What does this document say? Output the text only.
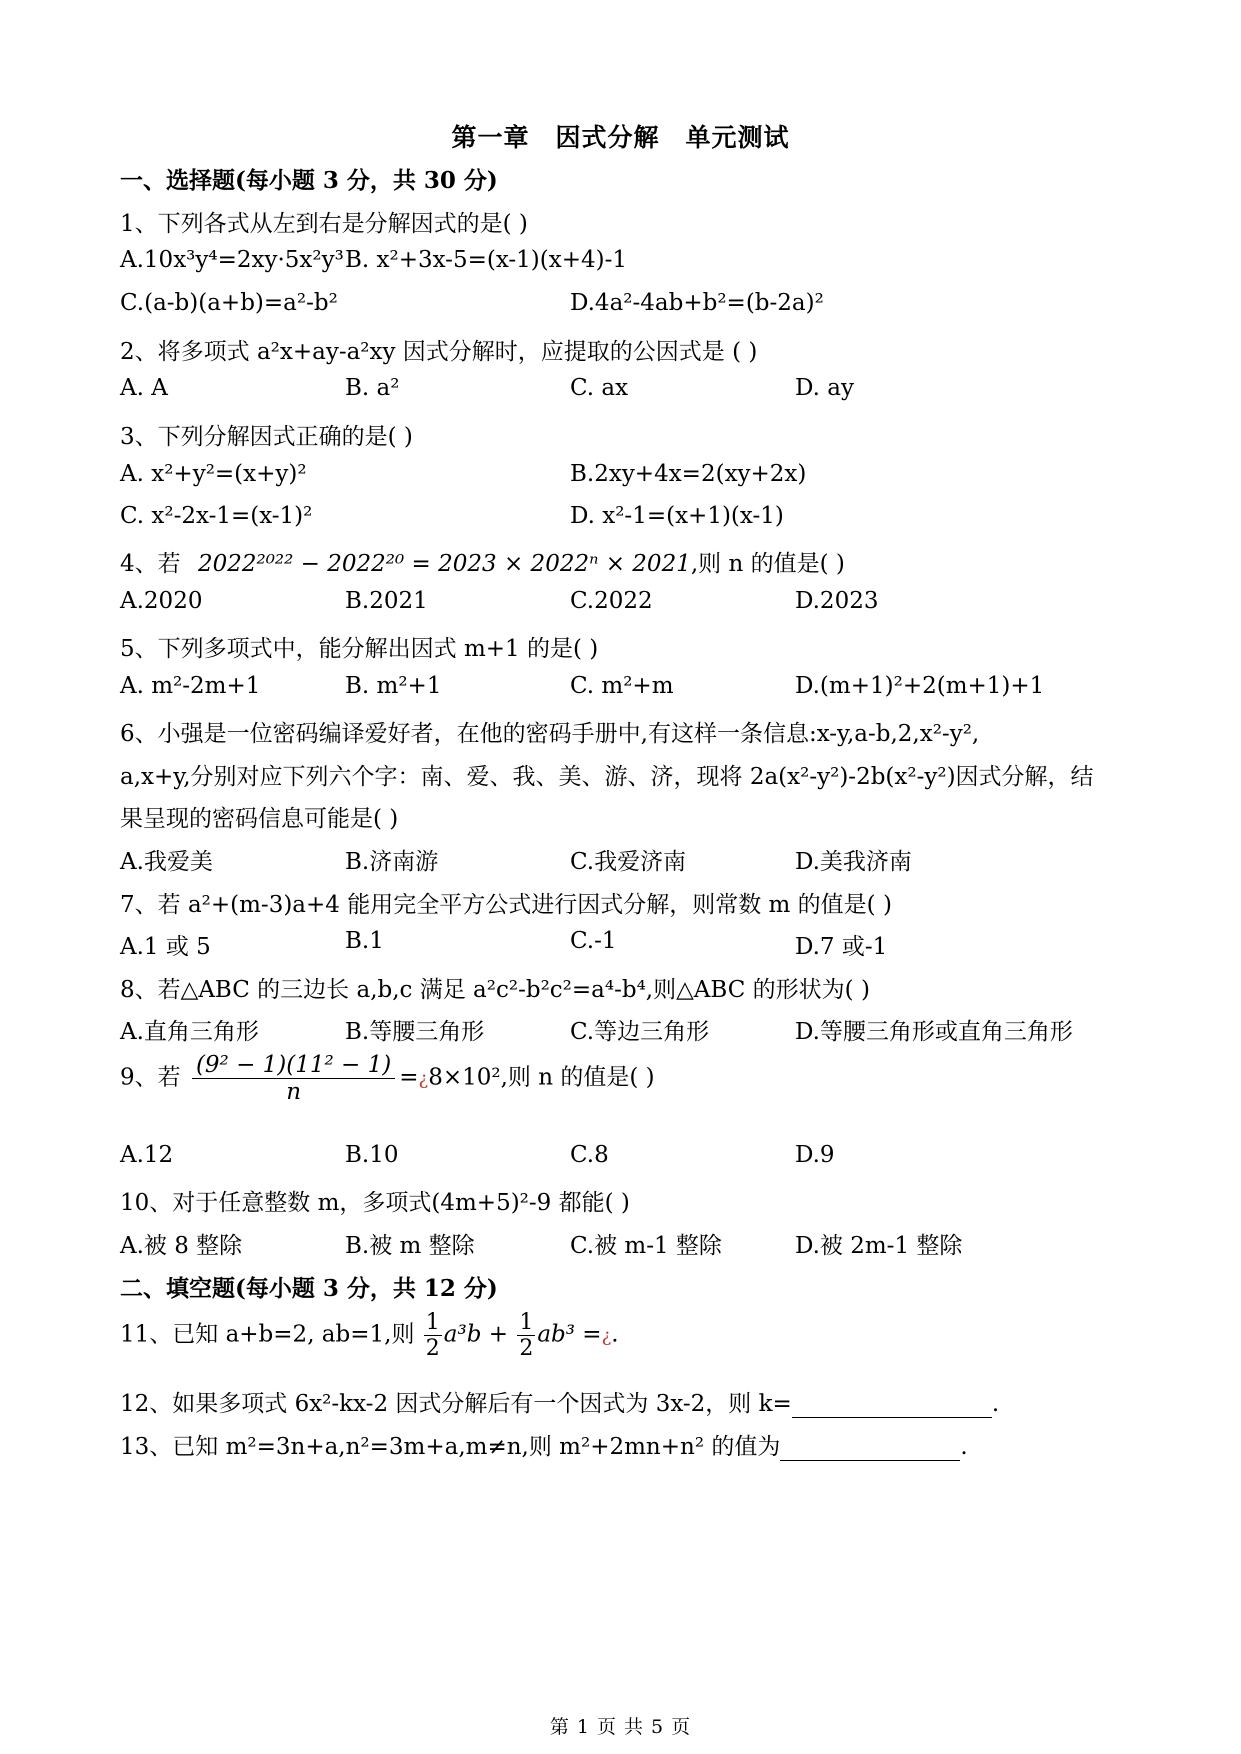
第一章　因式分解　单元测试
一、选择题(每小题 3 分，共 30 分)
1、下列各式从左到右是分解因式的是( )
A.10x³y⁴=2xy·5x²y³ B. x²+3x-5=(x-1)(x+4)-1
C.(a-b)(a+b)=a²-b²	D.4a²-4ab+b²=(b-2a)²
2、将多项式 a²x+ay-a²xy 因式分解时，应提取的公因式是 ( )
A. A	B. a²	C. ax	D. ay
3、下列分解因式正确的是( )
A. x²+y²=(x+y)²	B.2xy+4x=2(xy+2x)
C. x²-2x-1=(x-1)²	D. x²-1=(x+1)(x-1)
4、若 2022²⁰²² − 2022²⁰ = 2023 × 2022ⁿ × 2021,则 n 的值是( )
A.2020	B.2021	C.2022	D.2023
5、下列多项式中，能分解出因式 m+1 的是( )
A. m²-2m+1	B. m²+1	C. m²+m	D.(m+1)²+2(m+1)+1
6、小强是一位密码编译爱好者，在他的密码手册中,有这样一条信息:x-y,a-b,2,x²-y²,
a,x+y,分别对应下列六个字：南、爱、我、美、游、济，现将 2a(x²-y²)-2b(x²-y²)因式分解，结
果呈现的密码信息可能是( )
A.我爱美	B.济南游	C.我爱济南	D.美我济南
7、若 a²+(m-3)a+4 能用完全平方公式进行因式分解，则常数 m 的值是( )
A.1 或 5	B.1	C.-1	D.7 或-1
8、若△ABC 的三边长 a,b,c 满足 a²c²-b²c²=a⁴-b⁴,则△ABC 的形状为( )
A.直角三角形	B.等腰三角形	C.等边三角形	D.等腰三角形或直角三角形
9、若 $\frac{\text{(9² − 1)(11² − 1)}}{n}$ =¿8×10²,则 n 的值是( )
A.12	B.10	C.8	D.9
10、对于任意整数 m，多项式(4m+5)²-9 都能( )
A.被 8 整除	B.被 m 整除	C.被 m-1 整除	D.被 2m-1 整除
二、填空题(每小题 3 分，共 12 分)
11、已知 a+b=2, ab=1,则 $\frac{1}{2} a^3b + \frac{1}{2} ab^3$ =¿.
12、如果多项式 6x²-kx-2 因式分解后有一个因式为 3x-2，则 k=	.
13、已知 m²=3n+a,n²=3m+a,m≠n,则 m²+2mn+n² 的值为	.
第 1 页 共 5 页
